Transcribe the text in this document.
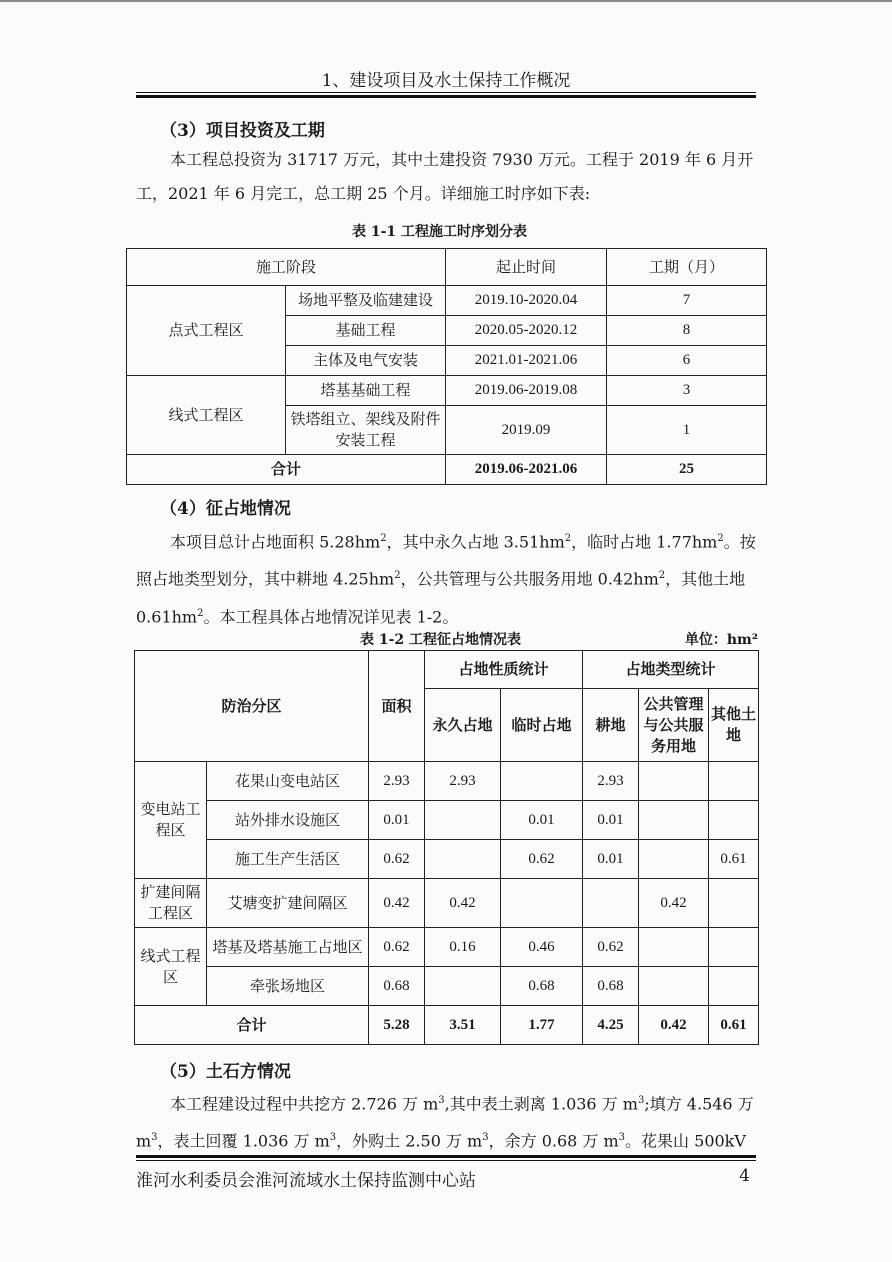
1、建设项目及水土保持工作概况
（3）项目投资及工期
本工程总投资为 31717 万元，其中土建投资 7930 万元。工程于 2019 年 6 月开工，2021 年 6 月完工，总工期 25 个月。详细施工时序如下表:
表 1-1 工程施工时序划分表
施工阶段		起止时间	工期（月）
点式工程区	场地平整及临建建设	2019.10-2020.04	7
	基础工程	2020.05-2020.12	8
	主体及电气安装	2021.01-2021.06	6
线式工程区	塔基基础工程	2019.06-2019.08	3
	铁塔组立、架线及附件安装工程	2019.09	1
合计		2019.06-2021.06	25
（4）征占地情况
本项目总计占地面积 $5.28hm^2$，其中永久占地 $3.51hm^2$，临时占地 $1.77hm^2$。按照占地类型划分，其中耕地 $4.25hm^2$，公共管理与公共服务用地 $0.42hm^2$，其他土地 $0.61hm^2$。本工程具体占地情况详见表 1-2。
表 1-2 工程征占地情况表	单位：hm²
防治分区		面积	占地性质统计		占地类型统计		
			永久占地	临时占地	耕地	公共管理与公共服务用地	其他土地
变电站工程区	花果山变电站区	2.93	2.93		2.93		
	站外排水设施区	0.01		0.01	0.01		
	施工生产生活区	0.62		0.62	0.01		0.61
扩建间隔工程区	艾塘变扩建间隔区	0.42	0.42			0.42	
线式工程区	塔基及塔基施工占地区	0.62	0.16	0.46	0.62		
	牵张场地区	0.68		0.68	0.68		
合计		5.28	3.51	1.77	4.25	0.42	0.61
（5）土石方情况
本工程建设过程中共挖方 2.726 万 $m^3$,其中表土剥离 1.036 万 $m^3$;填方 4.546 万 $m^3$，表土回覆 1.036 万 $m^3$，外购土 2.50 万 $m^3$，余方 0.68 万 $m^3$。花果山 500kV
淮河水利委员会淮河流域水土保持监测中心站	4
